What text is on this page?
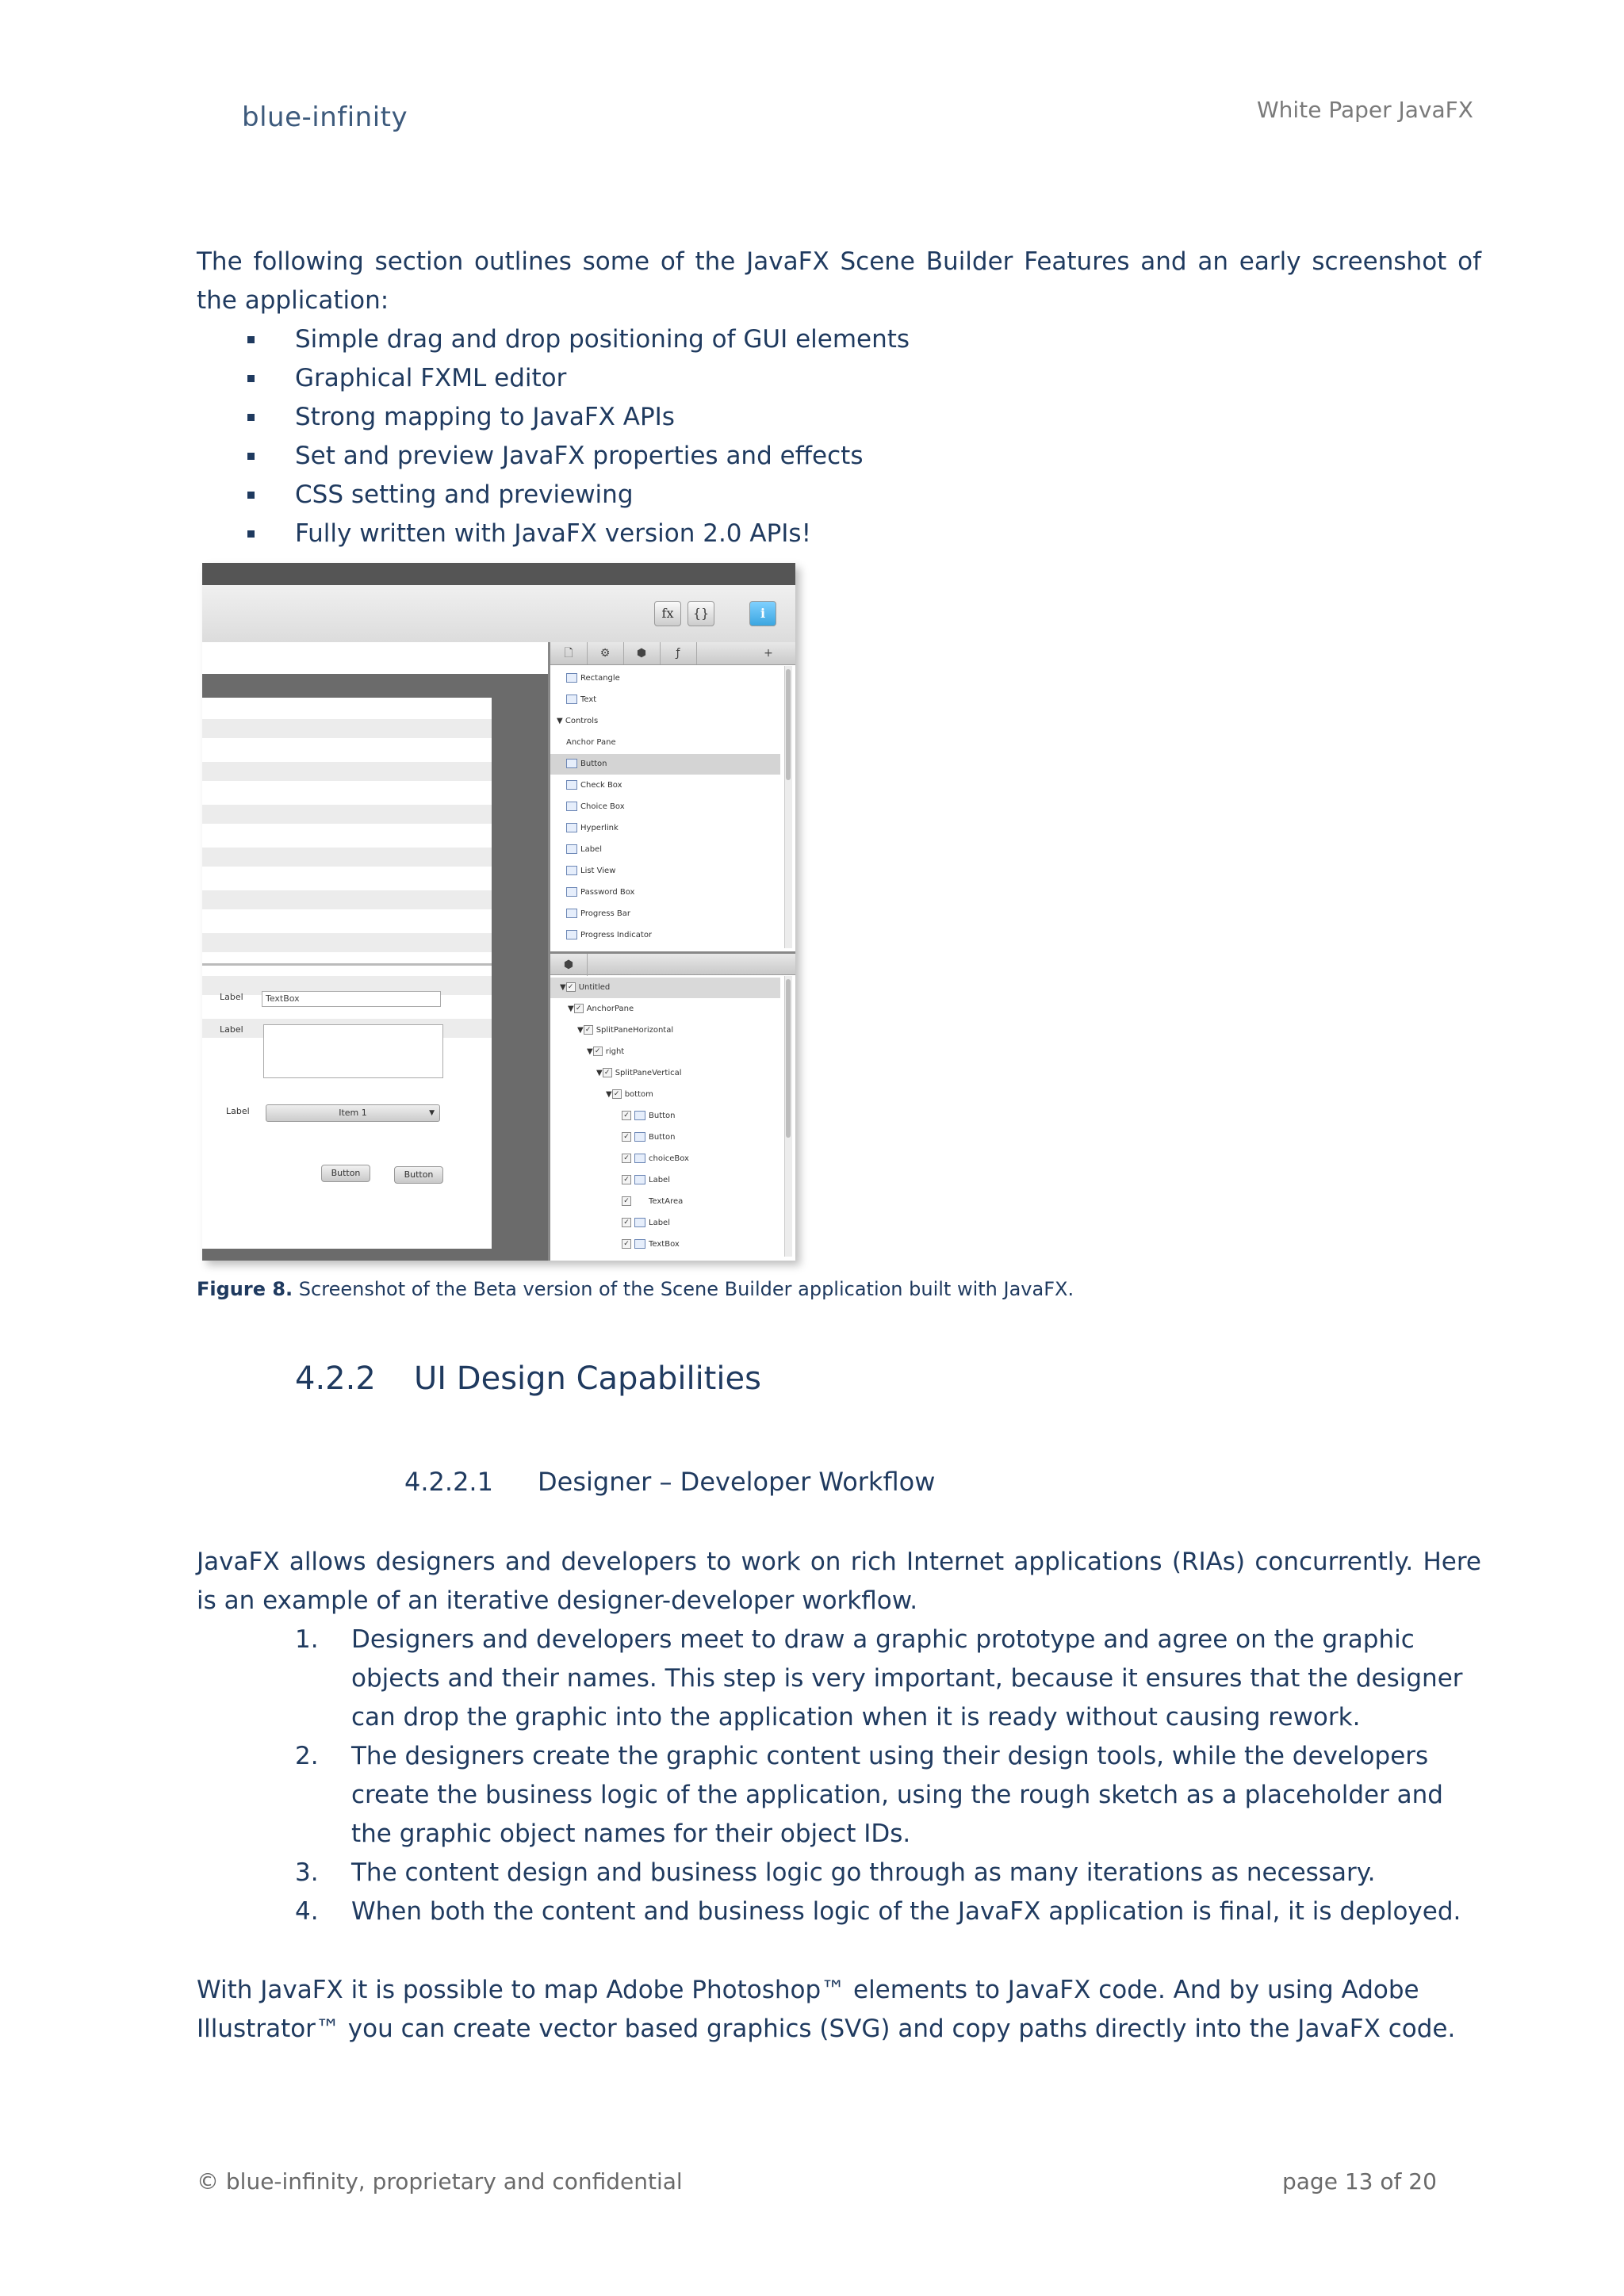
blue-infinity	White Paper JavaFX
The following section outlines some of the JavaFX Scene Builder Features and an early screenshot of the application:
Simple drag and drop positioning of GUI elements
Graphical FXML editor
Strong mapping to JavaFX APIs
Set and preview JavaFX properties and effects
CSS setting and previewing
Fully written with JavaFX version 2.0 APIs!
fx	{}	i
Label	TextBox
Label
Label	Item 1	▼
Button	Button
🗋	⚙	⬢	ƒ	+
Rectangle
Text
▼ Controls
Anchor Pane
Button
Check Box
Choice Box
Hyperlink
Label
List View
Password Box
Progress Bar
Progress Indicator
⬢
▼ ✓ Untitled
▼ ✓ AnchorPane
▼ ✓ SplitPaneHorizontal
▼ ✓ right
▼ ✓ SplitPaneVertical
▼ ✓ bottom
✓ Button
✓ Button
✓ choiceBox
✓ Label
✓ TextArea
✓ Label
✓ TextBox
Figure 8. Screenshot of the Beta version of the Scene Builder application built with JavaFX.
4.2.2 UI Design Capabilities
4.2.2.1 Designer – Developer Workflow
JavaFX allows designers and developers to work on rich Internet applications (RIAs) concurrently. Here is an example of an iterative designer-developer workflow.
1. Designers and developers meet to draw a graphic prototype and agree on the graphic objects and their names. This step is very important, because it ensures that the designer can drop the graphic into the application when it is ready without causing rework.
2. The designers create the graphic content using their design tools, while the developers create the business logic of the application, using the rough sketch as a placeholder and the graphic object names for their object IDs.
3. The content design and business logic go through as many iterations as necessary.
4. When both the content and business logic of the JavaFX application is final, it is deployed.
With JavaFX it is possible to map Adobe Photoshop™ elements to JavaFX code. And by using Adobe Illustrator™ you can create vector based graphics (SVG) and copy paths directly into the JavaFX code.
© blue-infinity, proprietary and confidential	page 13 of 20
